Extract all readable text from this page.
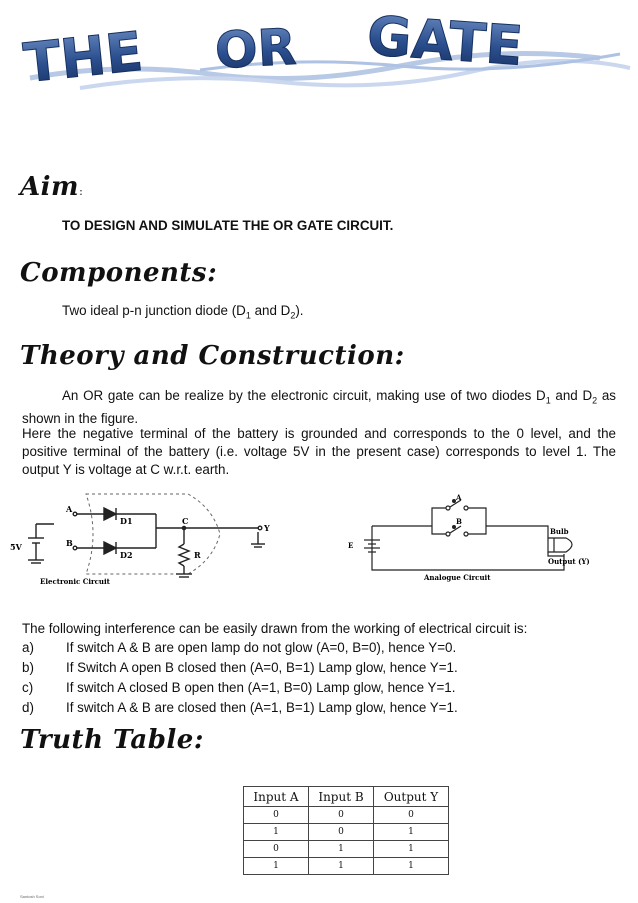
THE OR GATE
Aim:
TO DESIGN AND SIMULATE THE OR GATE CIRCUIT.
Components:
Two ideal p-n junction diode ($D_1$ and $D_2$).
Theory and Construction:
An OR gate can be realize by the electronic circuit, making use of two diodes $D_1$ and $D_2$ as shown in the figure.
Here the negative terminal of the battery is grounded and corresponds to the 0 level, and the positive terminal of the battery (i.e. voltage 5V in the present case) corresponds to level 1. The output Y is voltage at C w.r.t. earth.
A
B
D1
D2
C
Y
R
5V
Electronic Circuit
A
B
E
Bulb
Output (Y)
Analogue Circuit
The following interference can be easily drawn from the working of electrical circuit is:
a) If switch A & B are open lamp do not glow (A=0, B=0), hence Y=0.
b) If Switch A open B closed then (A=0, B=1) Lamp glow, hence Y=1.
c) If switch A closed B open then (A=1, B=0) Lamp glow, hence Y=1.
d) If switch A & B are closed then (A=1, B=1) Lamp glow, hence Y=1.
Truth Table:
Input A	Input B	Output Y
0	0	0
1	0	1
0	1	1
1	1	1
Santosh Soni
